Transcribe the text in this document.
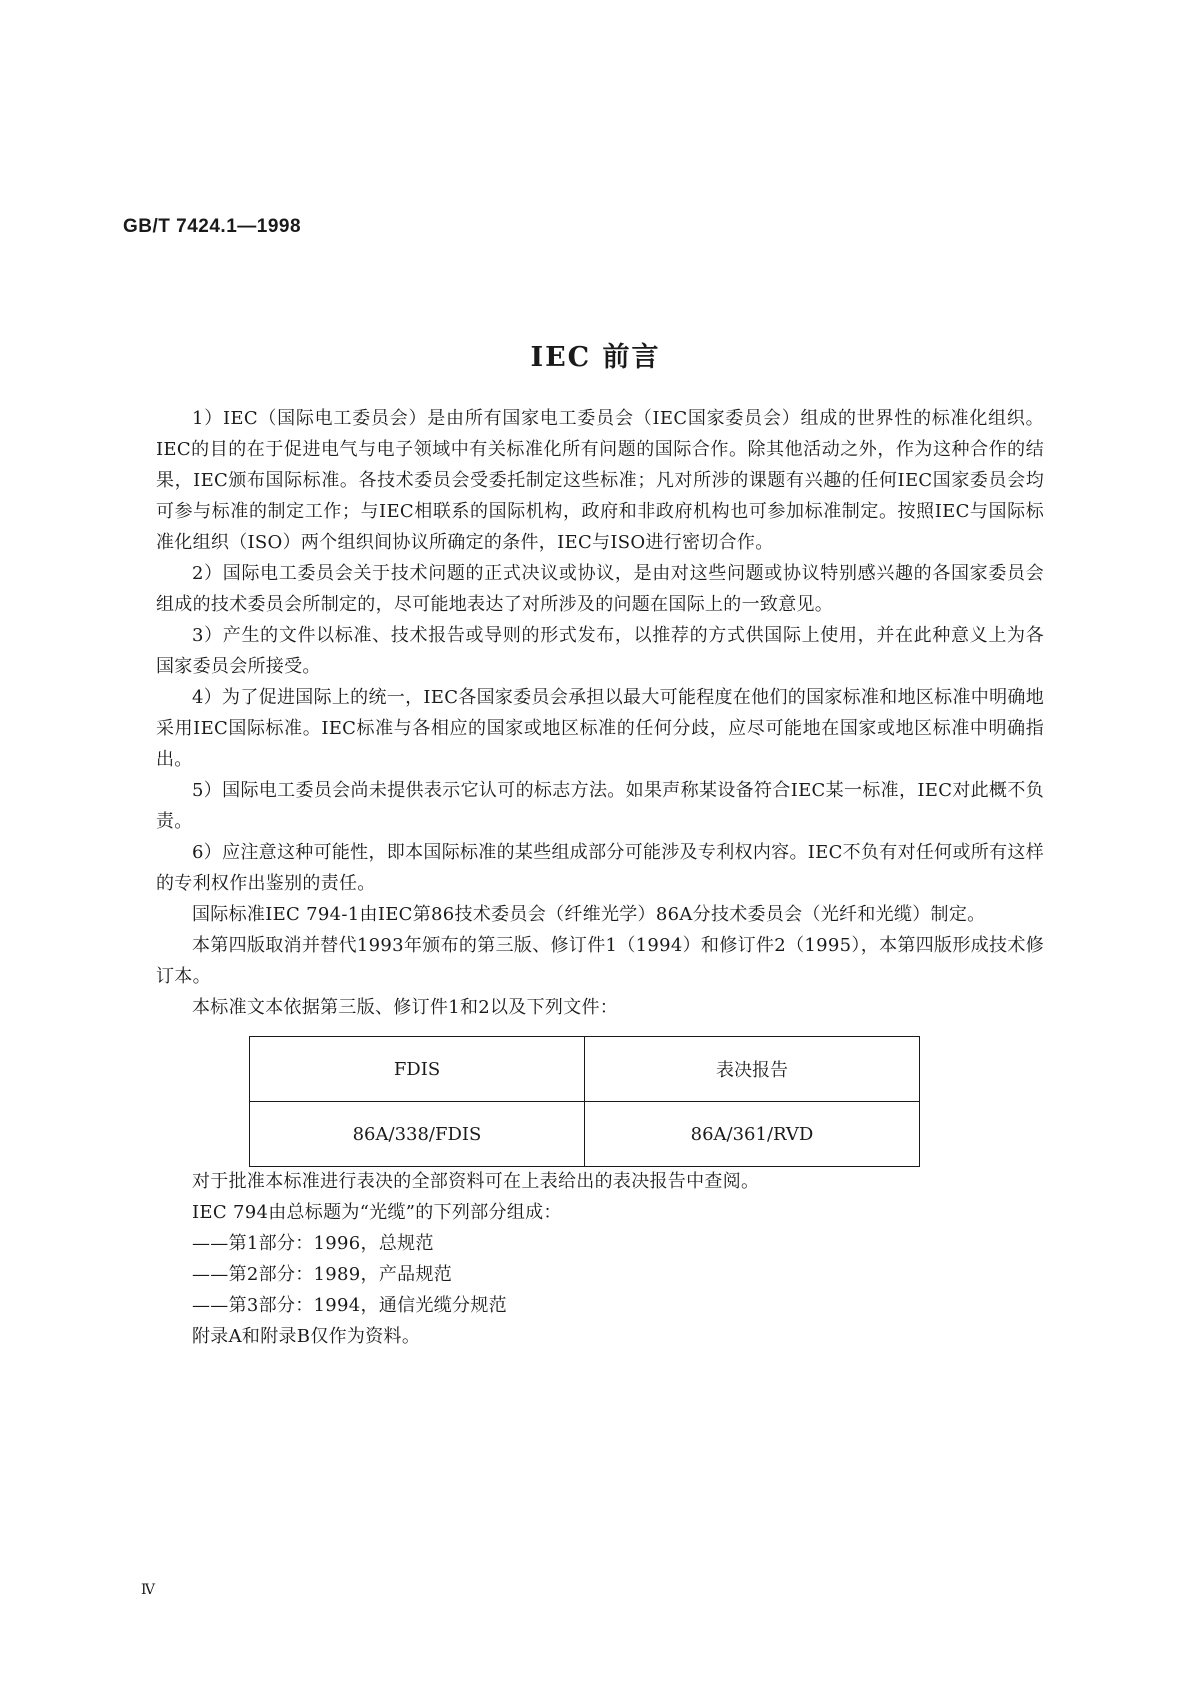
GB/T 7424.1—1998
IEC 前言

1）IEC（国际电工委员会）是由所有国家电工委员会（IEC国家委员会）组成的世界性的标准化组织。IEC的目的在于促进电气与电子领域中有关标准化所有问题的国际合作。除其他活动之外，作为这种合作的结果，IEC颁布国际标准。各技术委员会受委托制定这些标准；凡对所涉的课题有兴趣的任何IEC国家委员会均可参与标准的制定工作；与IEC相联系的国际机构，政府和非政府机构也可参加标准制定。按照IEC与国际标准化组织（ISO）两个组织间协议所确定的条件，IEC与ISO进行密切合作。

2）国际电工委员会关于技术问题的正式决议或协议，是由对这些问题或协议特别感兴趣的各国家委员会组成的技术委员会所制定的，尽可能地表达了对所涉及的问题在国际上的一致意见。

3）产生的文件以标准、技术报告或导则的形式发布，以推荐的方式供国际上使用，并在此种意义上为各国家委员会所接受。

4）为了促进国际上的统一，IEC各国家委员会承担以最大可能程度在他们的国家标准和地区标准中明确地采用IEC国际标准。IEC标准与各相应的国家或地区标准的任何分歧，应尽可能地在国家或地区标准中明确指出。

5）国际电工委员会尚未提供表示它认可的标志方法。如果声称某设备符合IEC某一标准，IEC对此概不负责。

6）应注意这种可能性，即本国际标准的某些组成部分可能涉及专利权内容。IEC不负有对任何或所有这样的专利权作出鉴别的责任。

国际标准IEC 794-1由IEC第86技术委员会（纤维光学）86A分技术委员会（光纤和光缆）制定。

本第四版取消并替代1993年颁布的第三版、修订件1（1994）和修订件2（1995），本第四版形成技术修订本。

本标准文本依据第三版、修订件1和2以及下列文件：

FDIS	表决报告
86A/338/FDIS	86A/361/RVD

对于批准本标准进行表决的全部资料可在上表给出的表决报告中查阅。

IEC 794由总标题为“光缆”的下列部分组成：

——第1部分：1996，总规范

——第2部分：1989，产品规范

——第3部分：1994，通信光缆分规范

附录A和附录B仅作为资料。

Ⅳ
